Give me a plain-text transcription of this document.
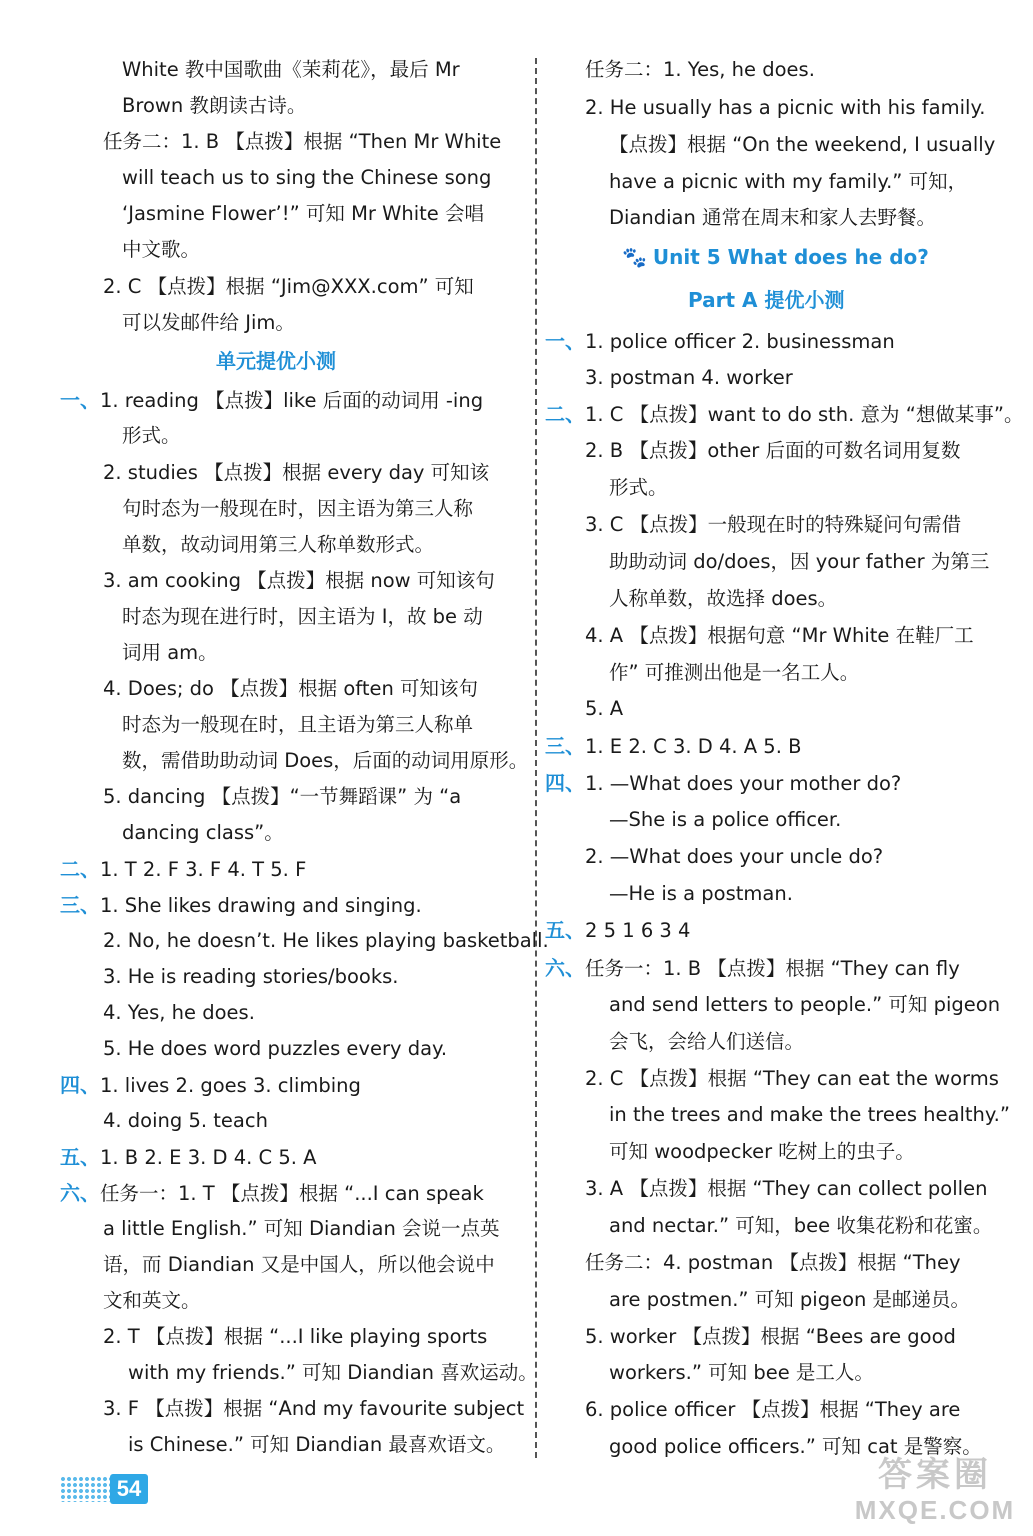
White 教中国歌曲《茉莉花》，最后 Mr
Brown 教朗读古诗。
任务二：1. B 【点拨】根据 “Then Mr White
will teach us to sing the Chinese song
‘Jasmine Flower’!” 可知 Mr White 会唱
中文歌。
2. C 【点拨】根据 “Jim@XXX.com” 可知
可以发邮件给 Jim。
单元提优小测
一、1. reading 【点拨】like 后面的动词用 -ing
形式。
2. studies 【点拨】根据 every day 可知该
句时态为一般现在时，因主语为第三人称
单数，故动词用第三人称单数形式。
3. am cooking 【点拨】根据 now 可知该句
时态为现在进行时，因主语为 I，故 be 动
词用 am。
4. Does; do 【点拨】根据 often 可知该句
时态为一般现在时，且主语为第三人称单
数，需借助助动词 Does，后面的动词用原形。
5. dancing 【点拨】“一节舞蹈课” 为 “a
dancing class”。
二、1. T 2. F 3. F 4. T 5. F
三、1. She likes drawing and singing.
2. No, he doesn’t. He likes playing basketball.
3. He is reading stories/books.
4. Yes, he does.
5. He does word puzzles every day.
四、1. lives 2. goes 3. climbing
4. doing 5. teach
五、1. B 2. E 3. D 4. C 5. A
六、任务一：1. T 【点拨】根据 “...I can speak
a little English.” 可知 Diandian 会说一点英
语，而 Diandian 又是中国人，所以他会说中
文和英文。
2. T 【点拨】根据 “...I like playing sports
with my friends.” 可知 Diandian 喜欢运动。
3. F 【点拨】根据 “And my favourite subject
is Chinese.” 可知 Diandian 最喜欢语文。
任务二：1. Yes, he does.
2. He usually has a picnic with his family.
【点拨】根据 “On the weekend, I usually
have a picnic with my family.” 可知，
Diandian 通常在周末和家人去野餐。
🐾 Unit 5 What does he do?
Part A 提优小测
一、1. police officer 2. businessman
3. postman 4. worker
二、1. C 【点拨】want to do sth. 意为 “想做某事”。
2. B 【点拨】other 后面的可数名词用复数
形式。
3. C 【点拨】一般现在时的特殊疑问句需借
助助动词 do/does，因 your father 为第三
人称单数，故选择 does。
4. A 【点拨】根据句意 “Mr White 在鞋厂工
作” 可推测出他是一名工人。
5. A
三、1. E 2. C 3. D 4. A 5. B
四、1. —What does your mother do?
—She is a police officer.
2. —What does your uncle do?
—He is a postman.
五、2 5 1 6 3 4
六、任务一：1. B 【点拨】根据 “They can fly
and send letters to people.” 可知 pigeon
会飞，会给人们送信。
2. C 【点拨】根据 “They can eat the worms
in the trees and make the trees healthy.”
可知 woodpecker 吃树上的虫子。
3. A 【点拨】根据 “They can collect pollen
and nectar.” 可知，bee 收集花粉和花蜜。
任务二：4. postman 【点拨】根据 “They
are postmen.” 可知 pigeon 是邮递员。
5. worker 【点拨】根据 “Bees are good
workers.” 可知 bee 是工人。
6. police officer 【点拨】根据 “They are
good police officers.” 可知 cat 是警察。
54	答案圈
MXQE.COM
